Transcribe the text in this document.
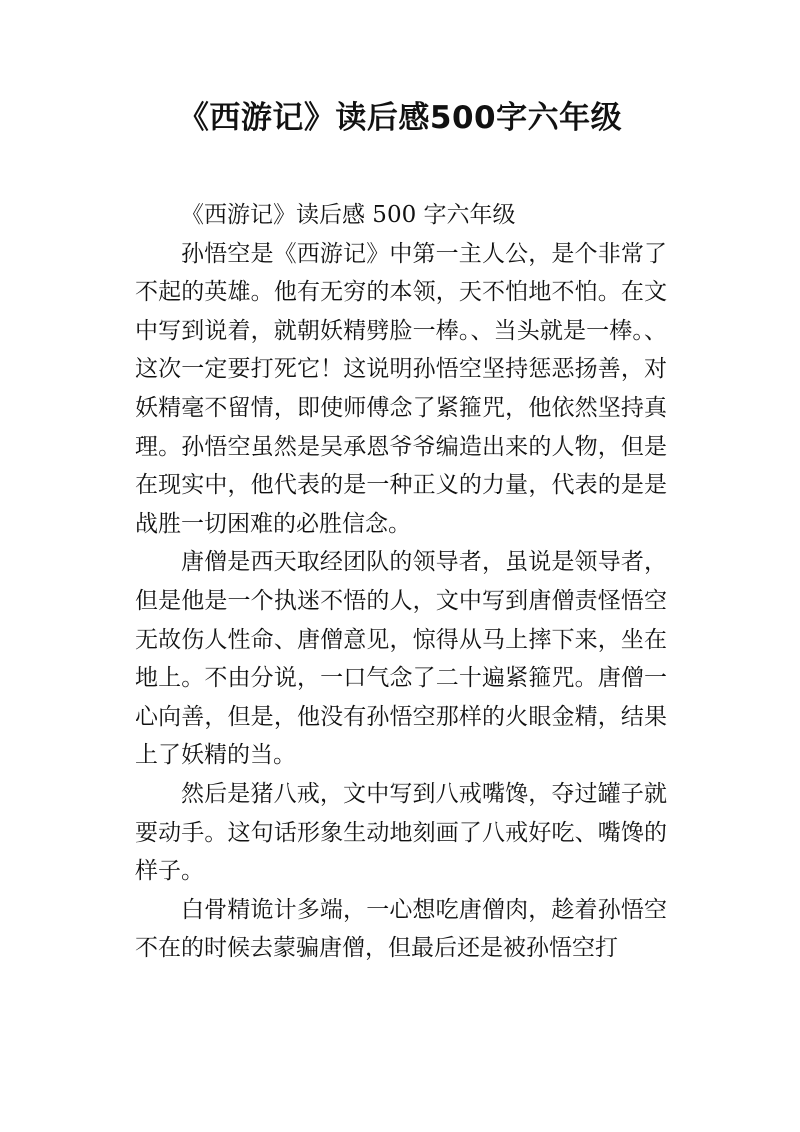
《西游记》读后感500字六年级

《西游记》读后感 500 字六年级

孙悟空是《西游记》中第一主人公，是个非常了不起的英雄。他有无穷的本领，天不怕地不怕。在文中写到说着，就朝妖精劈脸一棒。、当头就是一棒。、这次一定要打死它！这说明孙悟空坚持惩恶扬善，对妖精毫不留情，即使师傅念了紧箍咒，他依然坚持真理。孙悟空虽然是吴承恩爷爷编造出来的人物，但是在现实中，他代表的是一种正义的力量，代表的是是战胜一切困难的必胜信念。

唐僧是西天取经团队的领导者，虽说是领导者，但是他是一个执迷不悟的人，文中写到唐僧责怪悟空无故伤人性命、唐僧意见，惊得从马上摔下来，坐在地上。不由分说，一口气念了二十遍紧箍咒。唐僧一心向善，但是，他没有孙悟空那样的火眼金精，结果上了妖精的当。

然后是猪八戒，文中写到八戒嘴馋，夺过罐子就要动手。这句话形象生动地刻画了八戒好吃、嘴馋的样子。

白骨精诡计多端，一心想吃唐僧肉，趁着孙悟空不在的时候去蒙骗唐僧，但最后还是被孙悟空打
